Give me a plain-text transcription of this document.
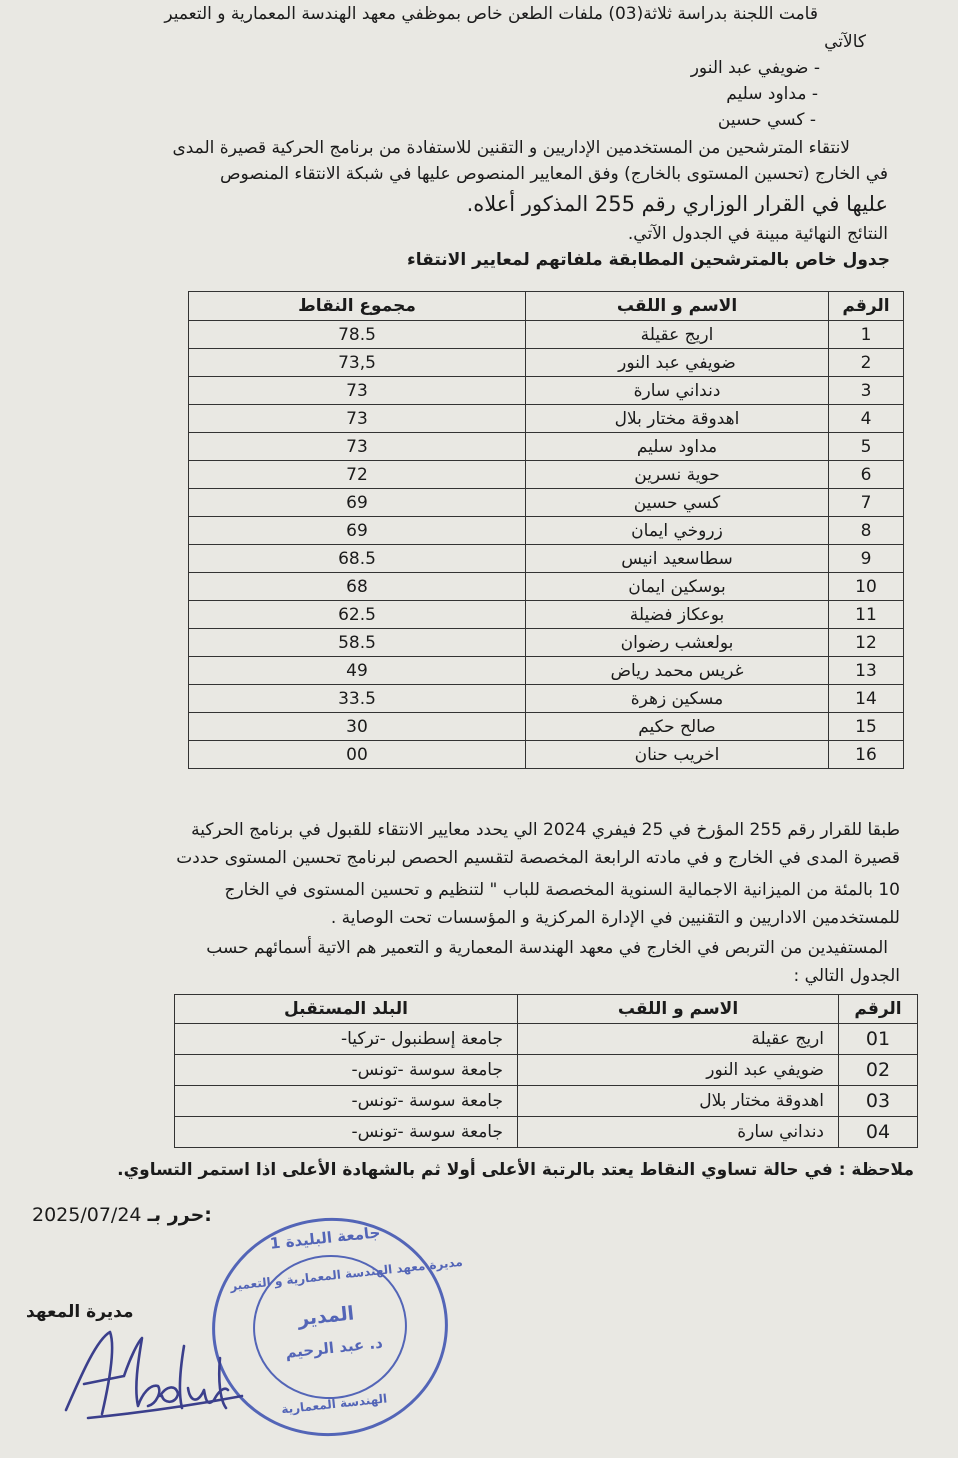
قامت اللجنة بدراسة ثلاثة(03) ملفات الطعن خاص بموظفي معهد الهندسة المعمارية و التعمير
كالآتي
- ضويفي عبد النور
- مداود سليم
- كسي حسين
لانتقاء المترشحين من المستخدمين الإداريين و التقنين للاستفادة من برنامج الحركية قصيرة المدى
في الخارج (تحسين المستوى بالخارج) وفق المعايير المنصوص عليها في شبكة الانتقاء المنصوص
عليها في القرار الوزاري رقم 255 المذكور أعلاه.
النتائج النهائية مبينة في الجدول الآتي.
جدول خاص بالمترشحين المطابقة ملفاتهم لمعايير الانتقاء
الرقم	الاسم و اللقب	مجموع النقاط
1	اريج عقيلة	78.5
2	ضويفي عبد النور	73,5
3	دنداني سارة	73
4	اهدوقة مختار بلال	73
5	مداود سليم	73
6	حوية نسرين	72
7	كسي حسين	69
8	زروخي ايمان	69
9	سطاسعيد انيس	68.5
10	بوسكين ايمان	68
11	بوعكاز فضيلة	62.5
12	بولعشب رضوان	58.5
13	غريس محمد رياض	49
14	مسكين زهرة	33.5
15	صالح حكيم	30
16	اخريب حنان	00
طبقا للقرار رقم 255 المؤرخ في 25 فيفري 2024 الي يحدد معايير الانتقاء للقبول في برنامج الحركية
قصيرة المدى في الخارج و في مادته الرابعة المخصصة لتقسيم الحصص لبرنامج تحسين المستوى حددت
10 بالمئة من الميزانية الاجمالية السنوية المخصصة للباب " لتنظيم و تحسين المستوى في الخارج
للمستخدمين الاداريين و التقنيين في الإدارة المركزية و المؤسسات تحت الوصاية .
المستفيدين من التربص في الخارج في معهد الهندسة المعمارية و التعمير هم الاتية أسمائهم حسب
الجدول التالي :
الرقم	الاسم و اللقب	البلد المستقبل
01	اريج عقيلة	جامعة إسطنبول -تركيا-
02	ضويفي عبد النور	جامعة سوسة -تونس-
03	اهدوقة مختار بلال	جامعة سوسة -تونس-
04	دنداني سارة	جامعة سوسة -تونس-
ملاحظة : في حالة تساوي النقاط يعتد بالرتبة الأعلى أولا ثم بالشهادة الأعلى اذا استمر التساوي.
2025/07/24 حرر بـ:
مديرة المعهد
جامعة البليدة 1
مديرة معهد الهندسة المعمارية و التعمير
المدير
د. عبد الرحيم
الهندسة المعمارية
